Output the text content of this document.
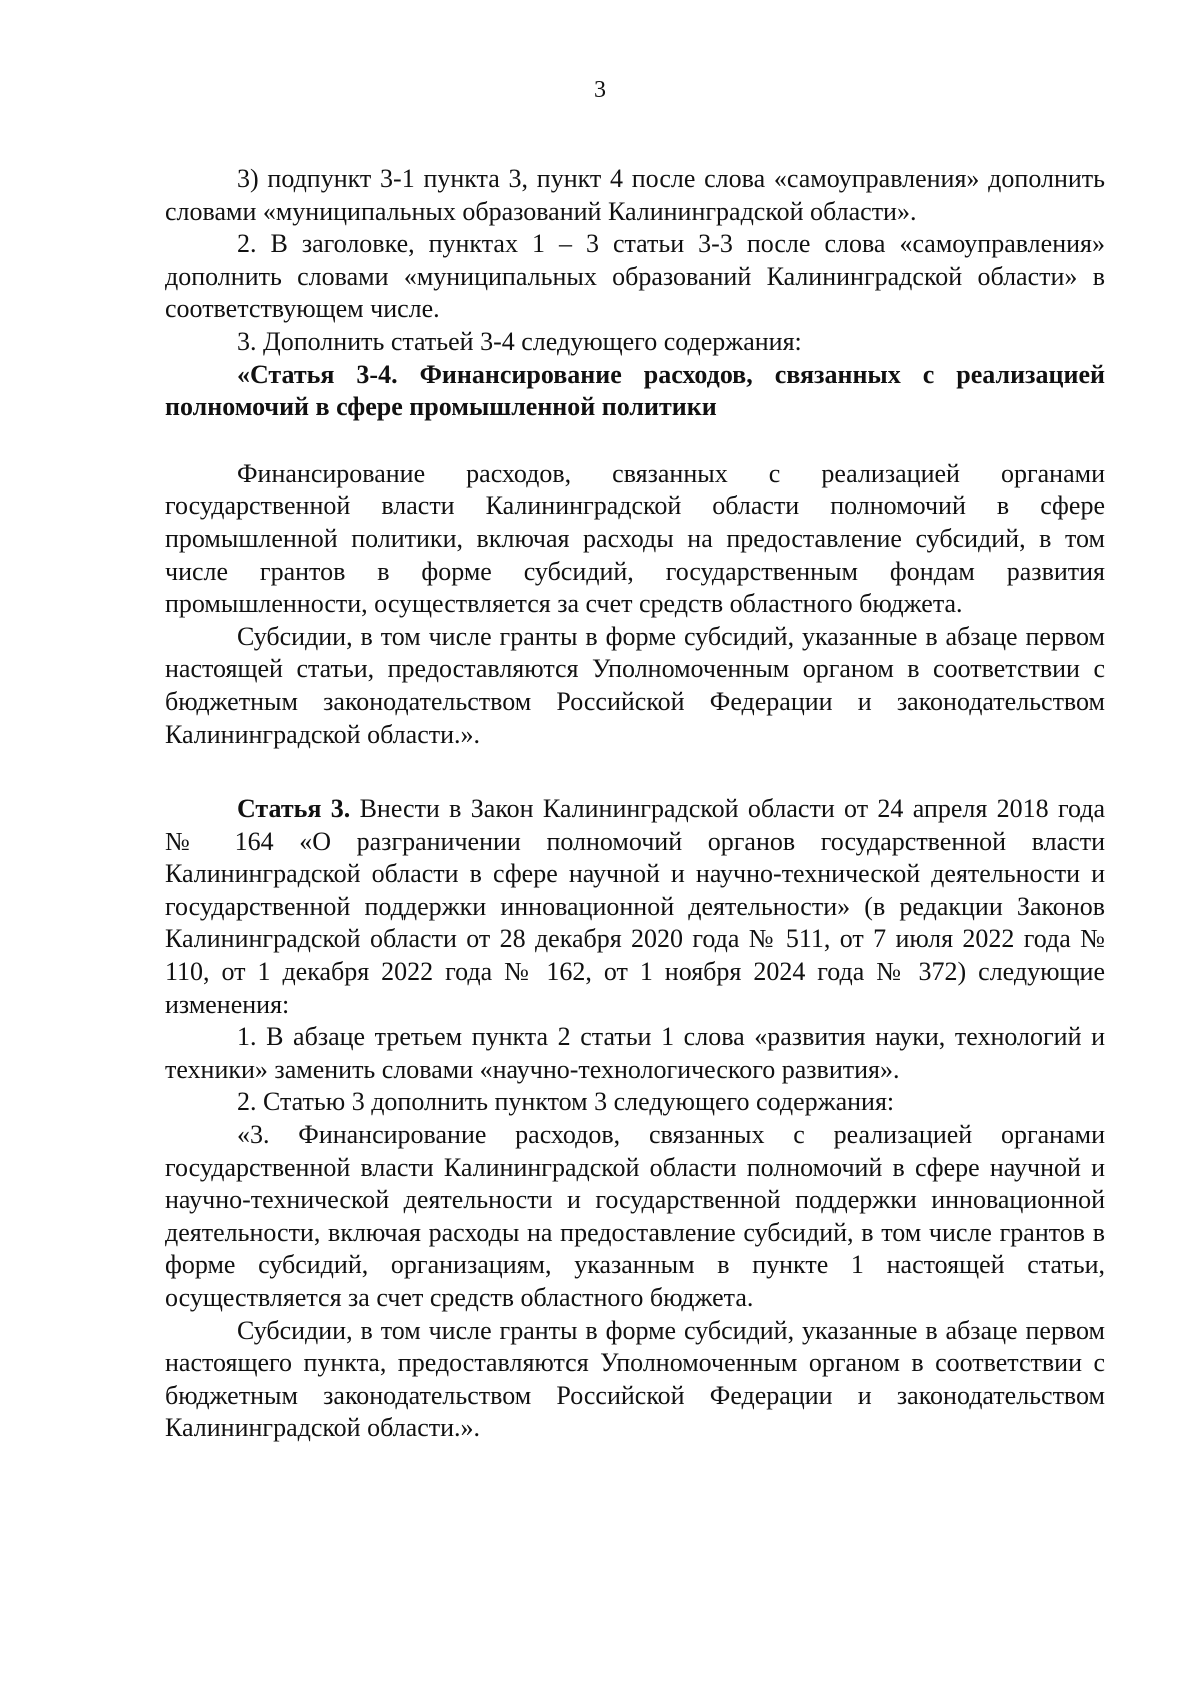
3

3) подпункт 3-1 пункта 3, пункт 4 после слова «самоуправления» дополнить словами «муниципальных образований Калининградской области».

2. В заголовке, пунктах 1 – 3 статьи 3-3 после слова «самоуправления» дополнить словами «муниципальных образований Калининградской области» в соответствующем числе.

3. Дополнить статьей 3-4 следующего содержания:

«Статья 3-4. Финансирование расходов, связанных с реализацией полномочий в сфере промышленной политики

Финансирование расходов, связанных с реализацией органами государственной власти Калининградской области полномочий в сфере промышленной политики, включая расходы на предоставление субсидий, в том числе грантов в форме субсидий, государственным фондам развития промышленности, осуществляется за счет средств областного бюджета.

Субсидии, в том числе гранты в форме субсидий, указанные в абзаце первом настоящей статьи, предоставляются Уполномоченным органом в соответствии с бюджетным законодательством Российской Федерации и законодательством Калининградской области.».

Статья 3. Внести в Закон Калининградской области от 24 апреля 2018 года № 164 «О разграничении полномочий органов государственной власти Калининградской области в сфере научной и научно-технической деятельности и государственной поддержки инновационной деятельности» (в редакции Законов Калининградской области от 28 декабря 2020 года № 511, от 7 июля 2022 года № 110, от 1 декабря 2022 года № 162, от 1 ноября 2024 года № 372) следующие изменения:

1. В абзаце третьем пункта 2 статьи 1 слова «развития науки, технологий и техники» заменить словами «научно-технологического развития».

2. Статью 3 дополнить пунктом 3 следующего содержания:

«3. Финансирование расходов, связанных с реализацией органами государственной власти Калининградской области полномочий в сфере научной и научно-технической деятельности и государственной поддержки инновационной деятельности, включая расходы на предоставление субсидий, в том числе грантов в форме субсидий, организациям, указанным в пункте 1 настоящей статьи, осуществляется за счет средств областного бюджета.

Субсидии, в том числе гранты в форме субсидий, указанные в абзаце первом настоящего пункта, предоставляются Уполномоченным органом в соответствии с бюджетным законодательством Российской Федерации и законодательством Калининградской области.».
